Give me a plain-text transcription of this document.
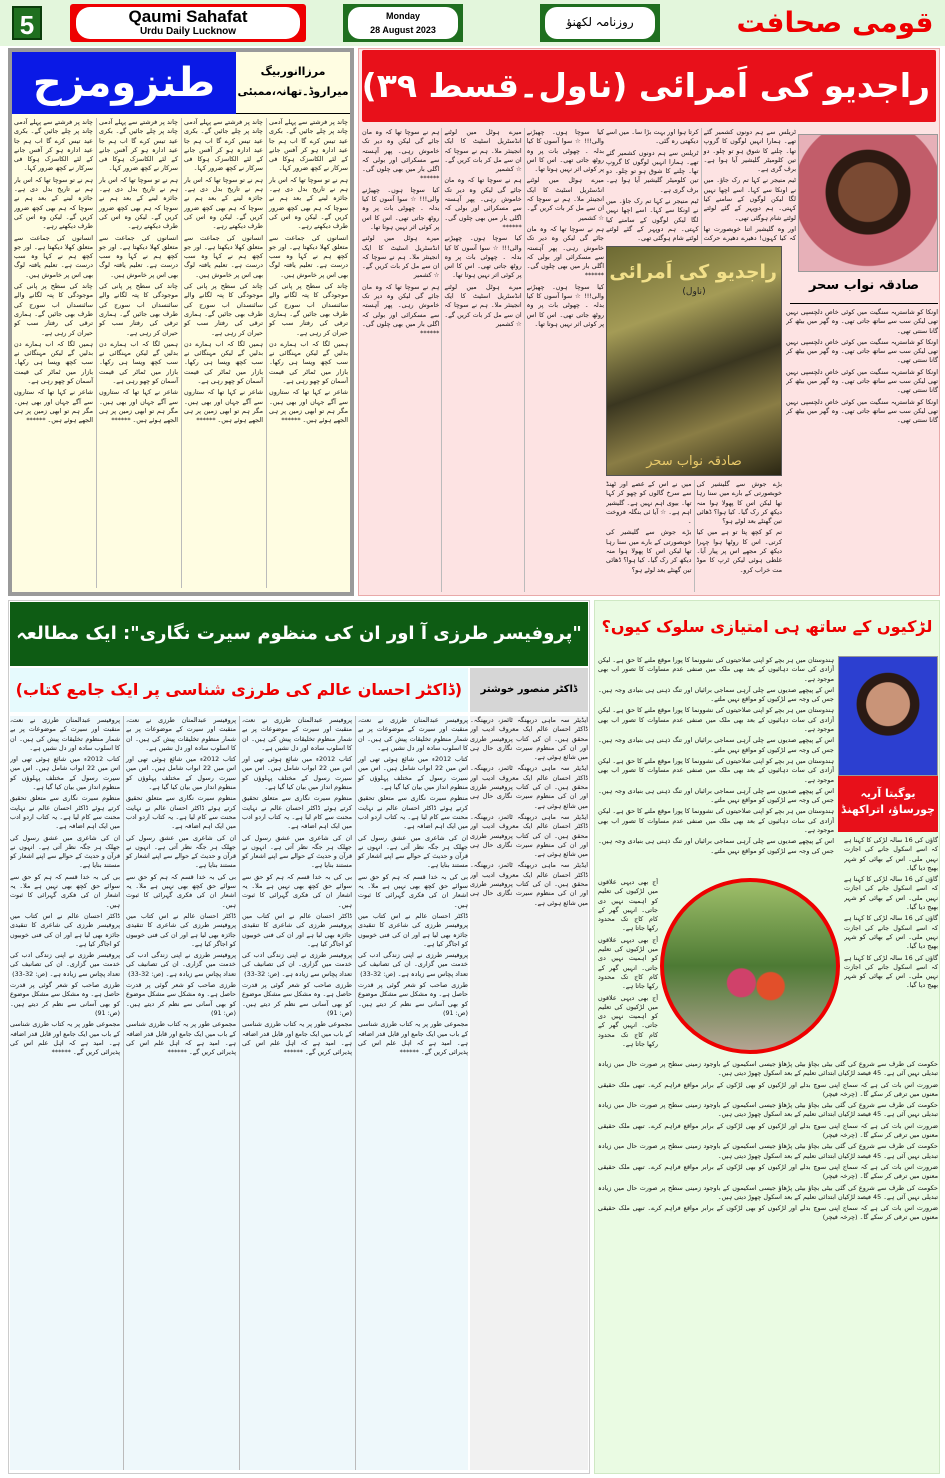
5	Qaumi Sahafat
Urdu Daily Lucknow
Monday
28 August 2023
روزنامہ لکھنؤ	قومی صحافت
طنزومزح	مرزاانوربیگ
میراروڈ۔تھانہ،ممبئی

چاند پر فرشتے سے پہلے آدمی چاند پر چلے جائیں گے۔ بکری عید تیس کرے گا اب ہم جا عید ادارہ ہو کر آفس جانے کے لئے الکاسزک ہوکا فی سرکار نے کچھ ضرور کہا۔

ہم نے تو سوچا تھا کہ اس بار ہم نے تاریخ بدل دی ہے۔ جائزہ لینے کے بعد ہم نے سوچا کہ ہم بھی کچھ ضرور کریں گے۔ لیکن وہ اس کی طرف دیکھتے رہے۔

انسانوں کی جماعت سے متعلق کھلا دیکھتا ہے۔ اور جو کچھ ہم نے کہا وہ سب درست ہے۔ تعلیم یافتہ لوگ بھی اس پر خاموش ہیں۔

چاند کی سطح پر پانی کی موجودگی کا پتہ لگانے والے سائنسداں اب سورج کی طرف بھی جائیں گے۔ ہماری ترقی کی رفتار سب کو حیران کر رہی ہے۔

ہمیں لگا کہ اب ہمارے دن بدلیں گے لیکن مہنگائی نے سب کچھ ویسا ہی رکھا۔ بازار میں ٹماٹر کی قیمت آسمان کو چھو رہی ہے۔

شاعر نے کہا تھا کہ ستاروں سے آگے جہاں اور بھی ہیں۔ مگر ہم تو ابھی زمین پر ہی الجھے ہوئے ہیں۔ ******

چاند پر فرشتے سے پہلے آدمی چاند پر چلے جائیں گے۔ بکری عید تیس کرے گا اب ہم جا عید ادارہ ہو کر آفس جانے کے لئے الکاسزک ہوکا فی سرکار نے کچھ ضرور کہا۔

ہم نے تو سوچا تھا کہ اس بار ہم نے تاریخ بدل دی ہے۔ جائزہ لینے کے بعد ہم نے سوچا کہ ہم بھی کچھ ضرور کریں گے۔ لیکن وہ اس کی طرف دیکھتے رہے۔

انسانوں کی جماعت سے متعلق کھلا دیکھتا ہے۔ اور جو کچھ ہم نے کہا وہ سب درست ہے۔ تعلیم یافتہ لوگ بھی اس پر خاموش ہیں۔

چاند کی سطح پر پانی کی موجودگی کا پتہ لگانے والے سائنسداں اب سورج کی طرف بھی جائیں گے۔ ہماری ترقی کی رفتار سب کو حیران کر رہی ہے۔

ہمیں لگا کہ اب ہمارے دن بدلیں گے لیکن مہنگائی نے سب کچھ ویسا ہی رکھا۔ بازار میں ٹماٹر کی قیمت آسمان کو چھو رہی ہے۔

شاعر نے کہا تھا کہ ستاروں سے آگے جہاں اور بھی ہیں۔ مگر ہم تو ابھی زمین پر ہی الجھے ہوئے ہیں۔ ******

چاند پر فرشتے سے پہلے آدمی چاند پر چلے جائیں گے۔ بکری عید تیس کرے گا اب ہم جا عید ادارہ ہو کر آفس جانے کے لئے الکاسزک ہوکا فی سرکار نے کچھ ضرور کہا۔

ہم نے تو سوچا تھا کہ اس بار ہم نے تاریخ بدل دی ہے۔ جائزہ لینے کے بعد ہم نے سوچا کہ ہم بھی کچھ ضرور کریں گے۔ لیکن وہ اس کی طرف دیکھتے رہے۔

انسانوں کی جماعت سے متعلق کھلا دیکھتا ہے۔ اور جو کچھ ہم نے کہا وہ سب درست ہے۔ تعلیم یافتہ لوگ بھی اس پر خاموش ہیں۔

چاند کی سطح پر پانی کی موجودگی کا پتہ لگانے والے سائنسداں اب سورج کی طرف بھی جائیں گے۔ ہماری ترقی کی رفتار سب کو حیران کر رہی ہے۔

ہمیں لگا کہ اب ہمارے دن بدلیں گے لیکن مہنگائی نے سب کچھ ویسا ہی رکھا۔ بازار میں ٹماٹر کی قیمت آسمان کو چھو رہی ہے۔

شاعر نے کہا تھا کہ ستاروں سے آگے جہاں اور بھی ہیں۔ مگر ہم تو ابھی زمین پر ہی الجھے ہوئے ہیں۔ ******

چاند پر فرشتے سے پہلے آدمی چاند پر چلے جائیں گے۔ بکری عید تیس کرے گا اب ہم جا عید ادارہ ہو کر آفس جانے کے لئے الکاسزک ہوکا فی سرکار نے کچھ ضرور کہا۔

ہم نے تو سوچا تھا کہ اس بار ہم نے تاریخ بدل دی ہے۔ جائزہ لینے کے بعد ہم نے سوچا کہ ہم بھی کچھ ضرور کریں گے۔ لیکن وہ اس کی طرف دیکھتے رہے۔

انسانوں کی جماعت سے متعلق کھلا دیکھتا ہے۔ اور جو کچھ ہم نے کہا وہ سب درست ہے۔ تعلیم یافتہ لوگ بھی اس پر خاموش ہیں۔

چاند کی سطح پر پانی کی موجودگی کا پتہ لگانے والے سائنسداں اب سورج کی طرف بھی جائیں گے۔ ہماری ترقی کی رفتار سب کو حیران کر رہی ہے۔

ہمیں لگا کہ اب ہمارے دن بدلیں گے لیکن مہنگائی نے سب کچھ ویسا ہی رکھا۔ بازار میں ٹماٹر کی قیمت آسمان کو چھو رہی ہے۔

شاعر نے کہا تھا کہ ستاروں سے آگے جہاں اور بھی ہیں۔ مگر ہم تو ابھی زمین پر ہی الجھے ہوئے ہیں۔ ******

راجدیو کی اَمرائی (ناول۔قسط ۳۹)
صادقہ نواب سحر
راجدیو کی اَمرائی
(ناول)
صادقہ نواب سحر

کیا سوچا ہوں۔ چھیڑنے والی!!! ☆ سوا آسوں کا کیا بدلہ ۔ چھوٹی بات پر وہ روٹھ جاتی تھی۔ اس کا اس پر کوئی اثر نہیں ہوتا تھا۔

میرے ہوٹل میں لوٹنے انڈسٹریل اسٹیٹ کا ایک انجینئر ملا۔ ہم نے سوچا کہ ان سے مل کر بات کریں گے۔ ☆ کشمیر

ہم نے سوچا تھا کہ وہ مان جائے گی لیکن وہ دیر تک خاموش رہی۔ پھر آہستہ سے مسکرائی اور بولی کہ اگلی بار میں بھی چلوں گی۔ ******

کیا سوچا ہوں۔ چھیڑنے والی!!! ☆ سوا آسوں کا کیا بدلہ ۔ چھوٹی بات پر وہ روٹھ جاتی تھی۔ اس کا اس پر کوئی اثر نہیں ہوتا تھا۔

میرے ہوٹل میں لوٹنے انڈسٹریل اسٹیٹ کا ایک انجینئر ملا۔ ہم نے سوچا کہ ان سے مل کر بات کریں گے۔ ☆ کشمیر

ہم نے سوچا تھا کہ وہ مان جائے گی لیکن وہ دیر تک خاموش رہی۔ پھر آہستہ سے مسکرائی اور بولی کہ اگلی بار میں بھی چلوں گی۔ ******

کیا سوچا ہوں۔ چھیڑنے والی!!! ☆ سوا آسوں کا کیا بدلہ ۔ چھوٹی بات پر وہ روٹھ جاتی تھی۔ اس کا اس پر کوئی اثر نہیں ہوتا تھا۔

میرے ہوٹل میں لوٹنے انڈسٹریل اسٹیٹ کا ایک انجینئر ملا۔ ہم نے سوچا کہ ان سے مل کر بات کریں گے۔ ☆ کشمیر

ہم نے سوچا تھا کہ وہ مان جائے گی لیکن وہ دیر تک خاموش رہی۔ پھر آہستہ سے مسکرائی اور بولی کہ اگلی بار میں بھی چلوں گی۔ ******

کیا سوچا ہوں۔ چھیڑنے والی!!! ☆ سوا آسوں کا کیا بدلہ ۔ چھوٹی بات پر وہ روٹھ جاتی تھی۔ اس کا اس پر کوئی اثر نہیں ہوتا تھا۔

میرے ہوٹل میں لوٹنے انڈسٹریل اسٹیٹ کا ایک انجینئر ملا۔ ہم نے سوچا کہ ان سے مل کر بات کریں گے۔ ☆ کشمیر

ہم نے سوچا تھا کہ وہ مان جائے گی لیکن وہ دیر تک خاموش رہی۔ پھر آہستہ سے مسکرائی اور بولی کہ اگلی بار میں بھی چلوں گی۔ ******

ٹریلس سے ہم دونوں کشمیر گئے تھے۔ ہمارا انہیں لوگوں کا گروپ تھا۔ چلنے کا شوق ہو تو چلو۔ دو تین کلومیٹر گلیشیر آیا ہوا ہے۔ برف گری ہے۔

ٹیم منیجر نے کہا تم رک جاؤ۔ میں نے اونکا سے کہا۔ اسے اچھا نہیں لگا لیکن لوگوں کے سامنے کیا کہتی۔ ہم دوپہر کے گئے لوٹتے لوٹتے شام ہوگئی تھی۔

اور وہ گلیشیر اتنا خوبصورت تھا کہ کیا کہوں! دھیرے دھیرے حرکت کرتا ہوا اور بہت بڑا سا۔ میں اسے دیکھتی رہ گئی۔

ٹریلس سے ہم دونوں کشمیر گئے تھے۔ ہمارا انہیں لوگوں کا گروپ تھا۔ چلنے کا شوق ہو تو چلو۔ دو تین کلومیٹر گلیشیر آیا ہوا ہے۔ برف گری ہے۔

ٹیم منیجر نے کہا تم رک جاؤ۔ میں نے اونکا سے کہا۔ اسے اچھا نہیں لگا لیکن لوگوں کے سامنے کیا کہتی۔ ہم دوپہر کے گئے لوٹتے لوٹتے شام ہوگئی تھی۔

بڑے جوش سے گلیشیر کی خوبصورتی کے بارے میں سنا رہا تھا لیکن اس کا پھولا ہوا منہ دیکھ کر رک گیا۔ کیا ہوا؟ ڈھائی تین گھنٹے بعد لوٹے ہو؟

تم کو کچھ پتا تو ہے میں کیا کرتی۔ اس کا روٹھا ہوا چہرا دیکھ کر مجھے اس پر پیار آیا۔ غلطی ہوئی لیکن ٹرپ کا موڈ مت خراب کرو۔

میں نے اس کے غصے اور ٹھنڈ سے سرخ گالوں کو چھو کر کہا تھا۔ بیوی اہم نہیں ہے۔ گلیشیر اہم ہے۔ ☆ آیا ئی بنگلہ فروخت ۔

بڑے جوش سے گلیشیر کی خوبصورتی کے بارے میں سنا رہا تھا لیکن اس کا پھولا ہوا منہ دیکھ کر رک گیا۔ کیا ہوا؟ ڈھائی تین گھنٹے بعد لوٹے ہو؟

اونکا کو شاستریہ سنگیت میں کوئی خاص دلچسپی نہیں تھی لیکن سب سے ساتھ جاتی تھی۔ وہ گھر میں بیٹھ کر گانا سنتی تھی۔

اونکا کو شاستریہ سنگیت میں کوئی خاص دلچسپی نہیں تھی لیکن سب سے ساتھ جاتی تھی۔ وہ گھر میں بیٹھ کر گانا سنتی تھی۔

اونکا کو شاستریہ سنگیت میں کوئی خاص دلچسپی نہیں تھی لیکن سب سے ساتھ جاتی تھی۔ وہ گھر میں بیٹھ کر گانا سنتی تھی۔

اونکا کو شاستریہ سنگیت میں کوئی خاص دلچسپی نہیں تھی لیکن سب سے ساتھ جاتی تھی۔ وہ گھر میں بیٹھ کر گانا سنتی تھی۔

"پروفیسر طرزی آ اور ان کی منظوم سیرت نگاری": ایک مطالعہ
(ڈاکٹر احسان عالم کی طرزی شناسی پر ایک جامع کتاب)	ڈاکٹر منصور خوشتر

پروفیسر عبدالمنان طرزی نے نعت، منقبت اور سیرت کے موضوعات پر بے شمار منظوم تخلیقات پیش کی ہیں۔ ان کا اسلوب سادہ اور دل نشیں ہے۔

کتاب 2012ء میں شائع ہوئی تھی اور اس میں 22 ابواب شامل ہیں۔ اس میں سیرت رسول کے مختلف پہلوؤں کو منظوم انداز میں بیان کیا گیا ہے۔

منظوم سیرت نگاری سے متعلق تحقیق کرتے ہوئے ڈاکٹر احسان عالم نے نہایت محنت سے کام لیا ہے۔ یہ کتاب اردو ادب میں ایک اہم اضافہ ہے۔

ان کی شاعری میں عشق رسول کی جھلک ہر جگہ نظر آتی ہے۔ انہوں نے قرآن و حدیث کے حوالے سے اپنے اشعار کو مستند بنایا ہے۔

بی کی بہ خدا قسم کہ ہم کو حق سے سوائے حق کچھ بھی نہیں ہے ملا۔ یہ اشعار ان کی فکری گہرائی کا ثبوت ہیں۔

ڈاکٹر احسان عالم نے اس کتاب میں پروفیسر طرزی کی شاعری کا تنقیدی جائزہ بھی لیا ہے اور ان کی فنی خوبیوں کو اجاگر کیا ہے۔

پروفیسر طرزی نے اپنی زندگی ادب کی خدمت میں گزاری۔ ان کی تصانیف کی تعداد پچاس سے زیادہ ہے۔ (ص: 32-33)

طرزی صاحب کو شعر گوئی پر قدرت حاصل ہے۔ وہ مشکل سے مشکل موضوع کو بھی آسانی سے نظم کر دیتے ہیں۔ (ص: 91)

مجموعی طور پر یہ کتاب طرزی شناسی کے باب میں ایک جامع اور قابل قدر اضافہ ہے۔ امید ہے کہ اہل علم اس کی پذیرائی کریں گے۔ ******

پروفیسر عبدالمنان طرزی نے نعت، منقبت اور سیرت کے موضوعات پر بے شمار منظوم تخلیقات پیش کی ہیں۔ ان کا اسلوب سادہ اور دل نشیں ہے۔

کتاب 2012ء میں شائع ہوئی تھی اور اس میں 22 ابواب شامل ہیں۔ اس میں سیرت رسول کے مختلف پہلوؤں کو منظوم انداز میں بیان کیا گیا ہے۔

منظوم سیرت نگاری سے متعلق تحقیق کرتے ہوئے ڈاکٹر احسان عالم نے نہایت محنت سے کام لیا ہے۔ یہ کتاب اردو ادب میں ایک اہم اضافہ ہے۔

ان کی شاعری میں عشق رسول کی جھلک ہر جگہ نظر آتی ہے۔ انہوں نے قرآن و حدیث کے حوالے سے اپنے اشعار کو مستند بنایا ہے۔

بی کی بہ خدا قسم کہ ہم کو حق سے سوائے حق کچھ بھی نہیں ہے ملا۔ یہ اشعار ان کی فکری گہرائی کا ثبوت ہیں۔

ڈاکٹر احسان عالم نے اس کتاب میں پروفیسر طرزی کی شاعری کا تنقیدی جائزہ بھی لیا ہے اور ان کی فنی خوبیوں کو اجاگر کیا ہے۔

پروفیسر طرزی نے اپنی زندگی ادب کی خدمت میں گزاری۔ ان کی تصانیف کی تعداد پچاس سے زیادہ ہے۔ (ص: 32-33)

طرزی صاحب کو شعر گوئی پر قدرت حاصل ہے۔ وہ مشکل سے مشکل موضوع کو بھی آسانی سے نظم کر دیتے ہیں۔ (ص: 91)

مجموعی طور پر یہ کتاب طرزی شناسی کے باب میں ایک جامع اور قابل قدر اضافہ ہے۔ امید ہے کہ اہل علم اس کی پذیرائی کریں گے۔ ******

پروفیسر عبدالمنان طرزی نے نعت، منقبت اور سیرت کے موضوعات پر بے شمار منظوم تخلیقات پیش کی ہیں۔ ان کا اسلوب سادہ اور دل نشیں ہے۔

کتاب 2012ء میں شائع ہوئی تھی اور اس میں 22 ابواب شامل ہیں۔ اس میں سیرت رسول کے مختلف پہلوؤں کو منظوم انداز میں بیان کیا گیا ہے۔

منظوم سیرت نگاری سے متعلق تحقیق کرتے ہوئے ڈاکٹر احسان عالم نے نہایت محنت سے کام لیا ہے۔ یہ کتاب اردو ادب میں ایک اہم اضافہ ہے۔

ان کی شاعری میں عشق رسول کی جھلک ہر جگہ نظر آتی ہے۔ انہوں نے قرآن و حدیث کے حوالے سے اپنے اشعار کو مستند بنایا ہے۔

بی کی بہ خدا قسم کہ ہم کو حق سے سوائے حق کچھ بھی نہیں ہے ملا۔ یہ اشعار ان کی فکری گہرائی کا ثبوت ہیں۔

ڈاکٹر احسان عالم نے اس کتاب میں پروفیسر طرزی کی شاعری کا تنقیدی جائزہ بھی لیا ہے اور ان کی فنی خوبیوں کو اجاگر کیا ہے۔

پروفیسر طرزی نے اپنی زندگی ادب کی خدمت میں گزاری۔ ان کی تصانیف کی تعداد پچاس سے زیادہ ہے۔ (ص: 32-33)

طرزی صاحب کو شعر گوئی پر قدرت حاصل ہے۔ وہ مشکل سے مشکل موضوع کو بھی آسانی سے نظم کر دیتے ہیں۔ (ص: 91)

مجموعی طور پر یہ کتاب طرزی شناسی کے باب میں ایک جامع اور قابل قدر اضافہ ہے۔ امید ہے کہ اہل علم اس کی پذیرائی کریں گے۔ ******

پروفیسر عبدالمنان طرزی نے نعت، منقبت اور سیرت کے موضوعات پر بے شمار منظوم تخلیقات پیش کی ہیں۔ ان کا اسلوب سادہ اور دل نشیں ہے۔

کتاب 2012ء میں شائع ہوئی تھی اور اس میں 22 ابواب شامل ہیں۔ اس میں سیرت رسول کے مختلف پہلوؤں کو منظوم انداز میں بیان کیا گیا ہے۔

منظوم سیرت نگاری سے متعلق تحقیق کرتے ہوئے ڈاکٹر احسان عالم نے نہایت محنت سے کام لیا ہے۔ یہ کتاب اردو ادب میں ایک اہم اضافہ ہے۔

ان کی شاعری میں عشق رسول کی جھلک ہر جگہ نظر آتی ہے۔ انہوں نے قرآن و حدیث کے حوالے سے اپنے اشعار کو مستند بنایا ہے۔

بی کی بہ خدا قسم کہ ہم کو حق سے سوائے حق کچھ بھی نہیں ہے ملا۔ یہ اشعار ان کی فکری گہرائی کا ثبوت ہیں۔

ڈاکٹر احسان عالم نے اس کتاب میں پروفیسر طرزی کی شاعری کا تنقیدی جائزہ بھی لیا ہے اور ان کی فنی خوبیوں کو اجاگر کیا ہے۔

پروفیسر طرزی نے اپنی زندگی ادب کی خدمت میں گزاری۔ ان کی تصانیف کی تعداد پچاس سے زیادہ ہے۔ (ص: 32-33)

طرزی صاحب کو شعر گوئی پر قدرت حاصل ہے۔ وہ مشکل سے مشکل موضوع کو بھی آسانی سے نظم کر دیتے ہیں۔ (ص: 91)

مجموعی طور پر یہ کتاب طرزی شناسی کے باب میں ایک جامع اور قابل قدر اضافہ ہے۔ امید ہے کہ اہل علم اس کی پذیرائی کریں گے۔ ******

ایڈیٹر سہ ماہی دربھنگہ ٹائمز، دربھنگہ۔ ڈاکٹر احسان عالم ایک معروف ادیب اور محقق ہیں۔ ان کی کتاب پروفیسر طرزی اور ان کی منظوم سیرت نگاری حال ہی میں شائع ہوئی ہے۔

ایڈیٹر سہ ماہی دربھنگہ ٹائمز، دربھنگہ۔ ڈاکٹر احسان عالم ایک معروف ادیب اور محقق ہیں۔ ان کی کتاب پروفیسر طرزی اور ان کی منظوم سیرت نگاری حال ہی میں شائع ہوئی ہے۔

ایڈیٹر سہ ماہی دربھنگہ ٹائمز، دربھنگہ۔ ڈاکٹر احسان عالم ایک معروف ادیب اور محقق ہیں۔ ان کی کتاب پروفیسر طرزی اور ان کی منظوم سیرت نگاری حال ہی میں شائع ہوئی ہے۔

ایڈیٹر سہ ماہی دربھنگہ ٹائمز، دربھنگہ۔ ڈاکٹر احسان عالم ایک معروف ادیب اور محقق ہیں۔ ان کی کتاب پروفیسر طرزی اور ان کی منظوم سیرت نگاری حال ہی میں شائع ہوئی ہے۔

لڑکیوں کے ساتھ ہی امتیازی سلوک کیوں؟
یوگیتا آریہ
چورساؤ، اتراکھنڈ

ہندوستان میں ہر بچے کو اپنی صلاحیتوں کی نشوونما کا پورا موقع ملنے کا حق ہے۔ لیکن آزادی کی سات دہائیوں کے بعد بھی ملک میں صنفی عدم مساوات کا تصور اب بھی موجود ہے۔

اس کے پیچھے صدیوں سے چلی آرہی سماجی برائیاں اور تنگ ذہنی ہی بنیادی وجہ ہیں۔ جس کی وجہ سے لڑکیوں کو مواقع نہیں ملتے۔

ہندوستان میں ہر بچے کو اپنی صلاحیتوں کی نشوونما کا پورا موقع ملنے کا حق ہے۔ لیکن آزادی کی سات دہائیوں کے بعد بھی ملک میں صنفی عدم مساوات کا تصور اب بھی موجود ہے۔

اس کے پیچھے صدیوں سے چلی آرہی سماجی برائیاں اور تنگ ذہنی ہی بنیادی وجہ ہیں۔ جس کی وجہ سے لڑکیوں کو مواقع نہیں ملتے۔

ہندوستان میں ہر بچے کو اپنی صلاحیتوں کی نشوونما کا پورا موقع ملنے کا حق ہے۔ لیکن آزادی کی سات دہائیوں کے بعد بھی ملک میں صنفی عدم مساوات کا تصور اب بھی موجود ہے۔

اس کے پیچھے صدیوں سے چلی آرہی سماجی برائیاں اور تنگ ذہنی ہی بنیادی وجہ ہیں۔ جس کی وجہ سے لڑکیوں کو مواقع نہیں ملتے۔

ہندوستان میں ہر بچے کو اپنی صلاحیتوں کی نشوونما کا پورا موقع ملنے کا حق ہے۔ لیکن آزادی کی سات دہائیوں کے بعد بھی ملک میں صنفی عدم مساوات کا تصور اب بھی موجود ہے۔

اس کے پیچھے صدیوں سے چلی آرہی سماجی برائیاں اور تنگ ذہنی ہی بنیادی وجہ ہیں۔ جس کی وجہ سے لڑکیوں کو مواقع نہیں ملتے۔

آج بھی دیہی علاقوں میں لڑکیوں کی تعلیم کو اہمیت نہیں دی جاتی۔ انہیں گھر کے کام کاج تک محدود رکھا جاتا ہے۔

آج بھی دیہی علاقوں میں لڑکیوں کی تعلیم کو اہمیت نہیں دی جاتی۔ انہیں گھر کے کام کاج تک محدود رکھا جاتا ہے۔

آج بھی دیہی علاقوں میں لڑکیوں کی تعلیم کو اہمیت نہیں دی جاتی۔ انہیں گھر کے کام کاج تک محدود رکھا جاتا ہے۔

گاؤں کی 16 سالہ لڑکی کا کہنا ہے کہ اسے اسکول جانے کی اجازت نہیں ملی۔ اس کے بھائی کو شہر بھیج دیا گیا۔

گاؤں کی 16 سالہ لڑکی کا کہنا ہے کہ اسے اسکول جانے کی اجازت نہیں ملی۔ اس کے بھائی کو شہر بھیج دیا گیا۔

گاؤں کی 16 سالہ لڑکی کا کہنا ہے کہ اسے اسکول جانے کی اجازت نہیں ملی۔ اس کے بھائی کو شہر بھیج دیا گیا۔

گاؤں کی 16 سالہ لڑکی کا کہنا ہے کہ اسے اسکول جانے کی اجازت نہیں ملی۔ اس کے بھائی کو شہر بھیج دیا گیا۔

حکومت کی طرف سے شروع کی گئی بیٹی بچاؤ بیٹی پڑھاؤ جیسی اسکیموں کے باوجود زمینی سطح پر صورت حال میں زیادہ تبدیلی نہیں آئی ہے۔ 45 فیصد لڑکیاں ابتدائی تعلیم کے بعد اسکول چھوڑ دیتی ہیں۔

ضرورت اس بات کی ہے کہ سماج اپنی سوچ بدلے اور لڑکیوں کو بھی لڑکوں کے برابر مواقع فراہم کرے۔ تبھی ملک حقیقی معنوں میں ترقی کر سکے گا۔ (چرخہ فیچر)

حکومت کی طرف سے شروع کی گئی بیٹی بچاؤ بیٹی پڑھاؤ جیسی اسکیموں کے باوجود زمینی سطح پر صورت حال میں زیادہ تبدیلی نہیں آئی ہے۔ 45 فیصد لڑکیاں ابتدائی تعلیم کے بعد اسکول چھوڑ دیتی ہیں۔

ضرورت اس بات کی ہے کہ سماج اپنی سوچ بدلے اور لڑکیوں کو بھی لڑکوں کے برابر مواقع فراہم کرے۔ تبھی ملک حقیقی معنوں میں ترقی کر سکے گا۔ (چرخہ فیچر)

حکومت کی طرف سے شروع کی گئی بیٹی بچاؤ بیٹی پڑھاؤ جیسی اسکیموں کے باوجود زمینی سطح پر صورت حال میں زیادہ تبدیلی نہیں آئی ہے۔ 45 فیصد لڑکیاں ابتدائی تعلیم کے بعد اسکول چھوڑ دیتی ہیں۔

ضرورت اس بات کی ہے کہ سماج اپنی سوچ بدلے اور لڑکیوں کو بھی لڑکوں کے برابر مواقع فراہم کرے۔ تبھی ملک حقیقی معنوں میں ترقی کر سکے گا۔ (چرخہ فیچر)

حکومت کی طرف سے شروع کی گئی بیٹی بچاؤ بیٹی پڑھاؤ جیسی اسکیموں کے باوجود زمینی سطح پر صورت حال میں زیادہ تبدیلی نہیں آئی ہے۔ 45 فیصد لڑکیاں ابتدائی تعلیم کے بعد اسکول چھوڑ دیتی ہیں۔

ضرورت اس بات کی ہے کہ سماج اپنی سوچ بدلے اور لڑکیوں کو بھی لڑکوں کے برابر مواقع فراہم کرے۔ تبھی ملک حقیقی معنوں میں ترقی کر سکے گا۔ (چرخہ فیچر)
